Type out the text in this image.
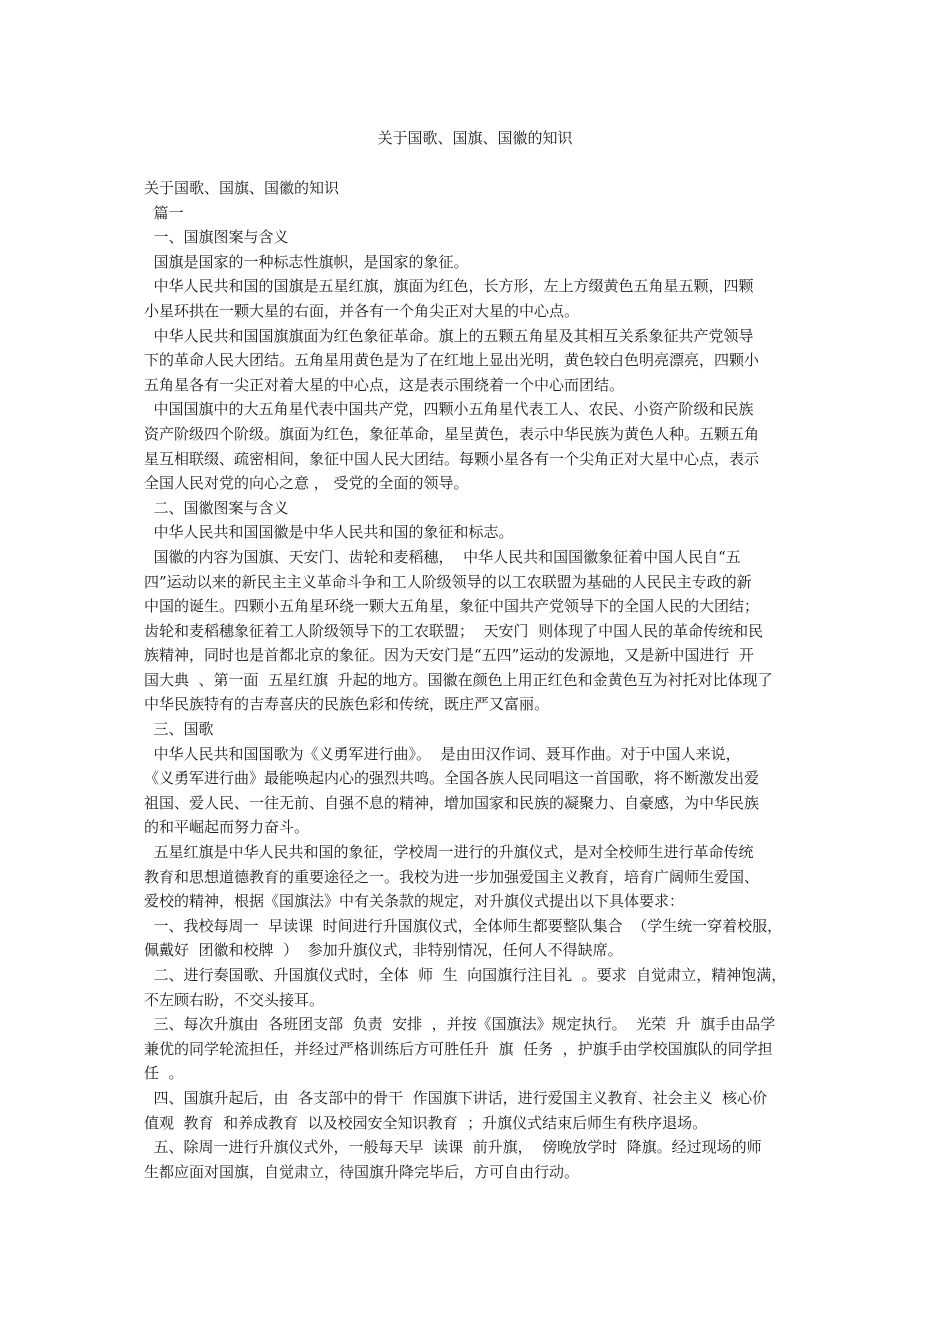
关于国歌、国旗、国徽的知识
关于国歌、国旗、国徽的知识
篇一
一、国旗图案与含义
国旗是国家的一种标志性旗帜，是国家的象征。
中华人民共和国的国旗是五星红旗，旗面为红色，长方形，左上方缀黄色五角星五颗，四颗
小星环拱在一颗大星的右面，并各有一个角尖正对大星的中心点。
中华人民共和国国旗旗面为红色象征革命。旗上的五颗五角星及其相互关系象征共产党领导
下的革命人民大团结。五角星用黄色是为了在红地上显出光明，黄色较白色明亮漂亮，四颗小
五角星各有一尖正对着大星的中心点，这是表示围绕着一个中心而团结。
中国国旗中的大五角星代表中国共产党，四颗小五角星代表工人、农民、小资产阶级和民族
资产阶级四个阶级。旗面为红色，象征革命，星呈黄色，表示中华民族为黄色人种。五颗五角
星互相联缀、疏密相间，象征中国人民大团结。每颗小星各有一个尖角正对大星中心点，表示
全国人民对党的向心之意 ， 受党的全面的领导。
二、国徽图案与含义
中华人民共和国国徽是中华人民共和国的象征和标志。
国徽的内容为国旗、天安门、齿轮和麦稻穗，  中华人民共和国国徽象征着中国人民自“五
四”运动以来的新民主主义革命斗争和工人阶级领导的以工农联盟为基础的人民民主专政的新
中国的诞生。四颗小五角星环绕一颗大五角星，象征中国共产党领导下的全国人民的大团结；
齿轮和麦稻穗象征着工人阶级领导下的工农联盟；  天安门  则体现了中国人民的革命传统和民
族精神，同时也是首都北京的象征。因为天安门是“五四”运动的发源地，又是新中国进行  开
国大典  、第一面  五星红旗  升起的地方。国徽在颜色上用正红色和金黄色互为衬托对比体现了
中华民族特有的吉寿喜庆的民族色彩和传统，既庄严又富丽。
三、国歌
中华人民共和国国歌为《义勇军进行曲》。  是由田汉作词、聂耳作曲。对于中国人来说，
《义勇军进行曲》最能唤起内心的强烈共鸣。全国各族人民同唱这一首国歌，将不断激发出爱
祖国、爱人民、一往无前、自强不息的精神，增加国家和民族的凝聚力、自豪感，为中华民族
的和平崛起而努力奋斗。
五星红旗是中华人民共和国的象征，学校周一进行的升旗仪式，是对全校师生进行革命传统
教育和思想道德教育的重要途径之一。我校为进一步加强爱国主义教育，培育广阔师生爱国、
爱校的精神，根据《国旗法》中有关条款的规定，对升旗仪式提出以下具体要求：
一、我校每周一  早读课  时间进行升国旗仪式，全体师生都要整队集合  （学生统一穿着校服，
佩戴好  团徽和校牌  ）  参加升旗仪式，非特别情况，任何人不得缺席。
二、进行奏国歌、升国旗仪式时，全体  师  生  向国旗行注目礼  。要求  自觉肃立，精神饱满，
不左顾右盼，不交头接耳。
三、每次升旗由  各班团支部  负责  安排  ，并按《国旗法》规定执行。  光荣  升  旗手由品学
兼优的同学轮流担任，并经过严格训练后方可胜任升  旗  任务  ，护旗手由学校国旗队的同学担
任  。
四、国旗升起后，由  各支部中的骨干  作国旗下讲话，进行爱国主义教育、社会主义  核心价
值观  教育  和养成教育  以及校园安全知识教育  ；升旗仪式结束后师生有秩序退场。
五、除周一进行升旗仪式外，一般每天早  读课  前升旗，  傍晚放学时  降旗。经过现场的师
生都应面对国旗，自觉肃立，待国旗升降完毕后，方可自由行动。
